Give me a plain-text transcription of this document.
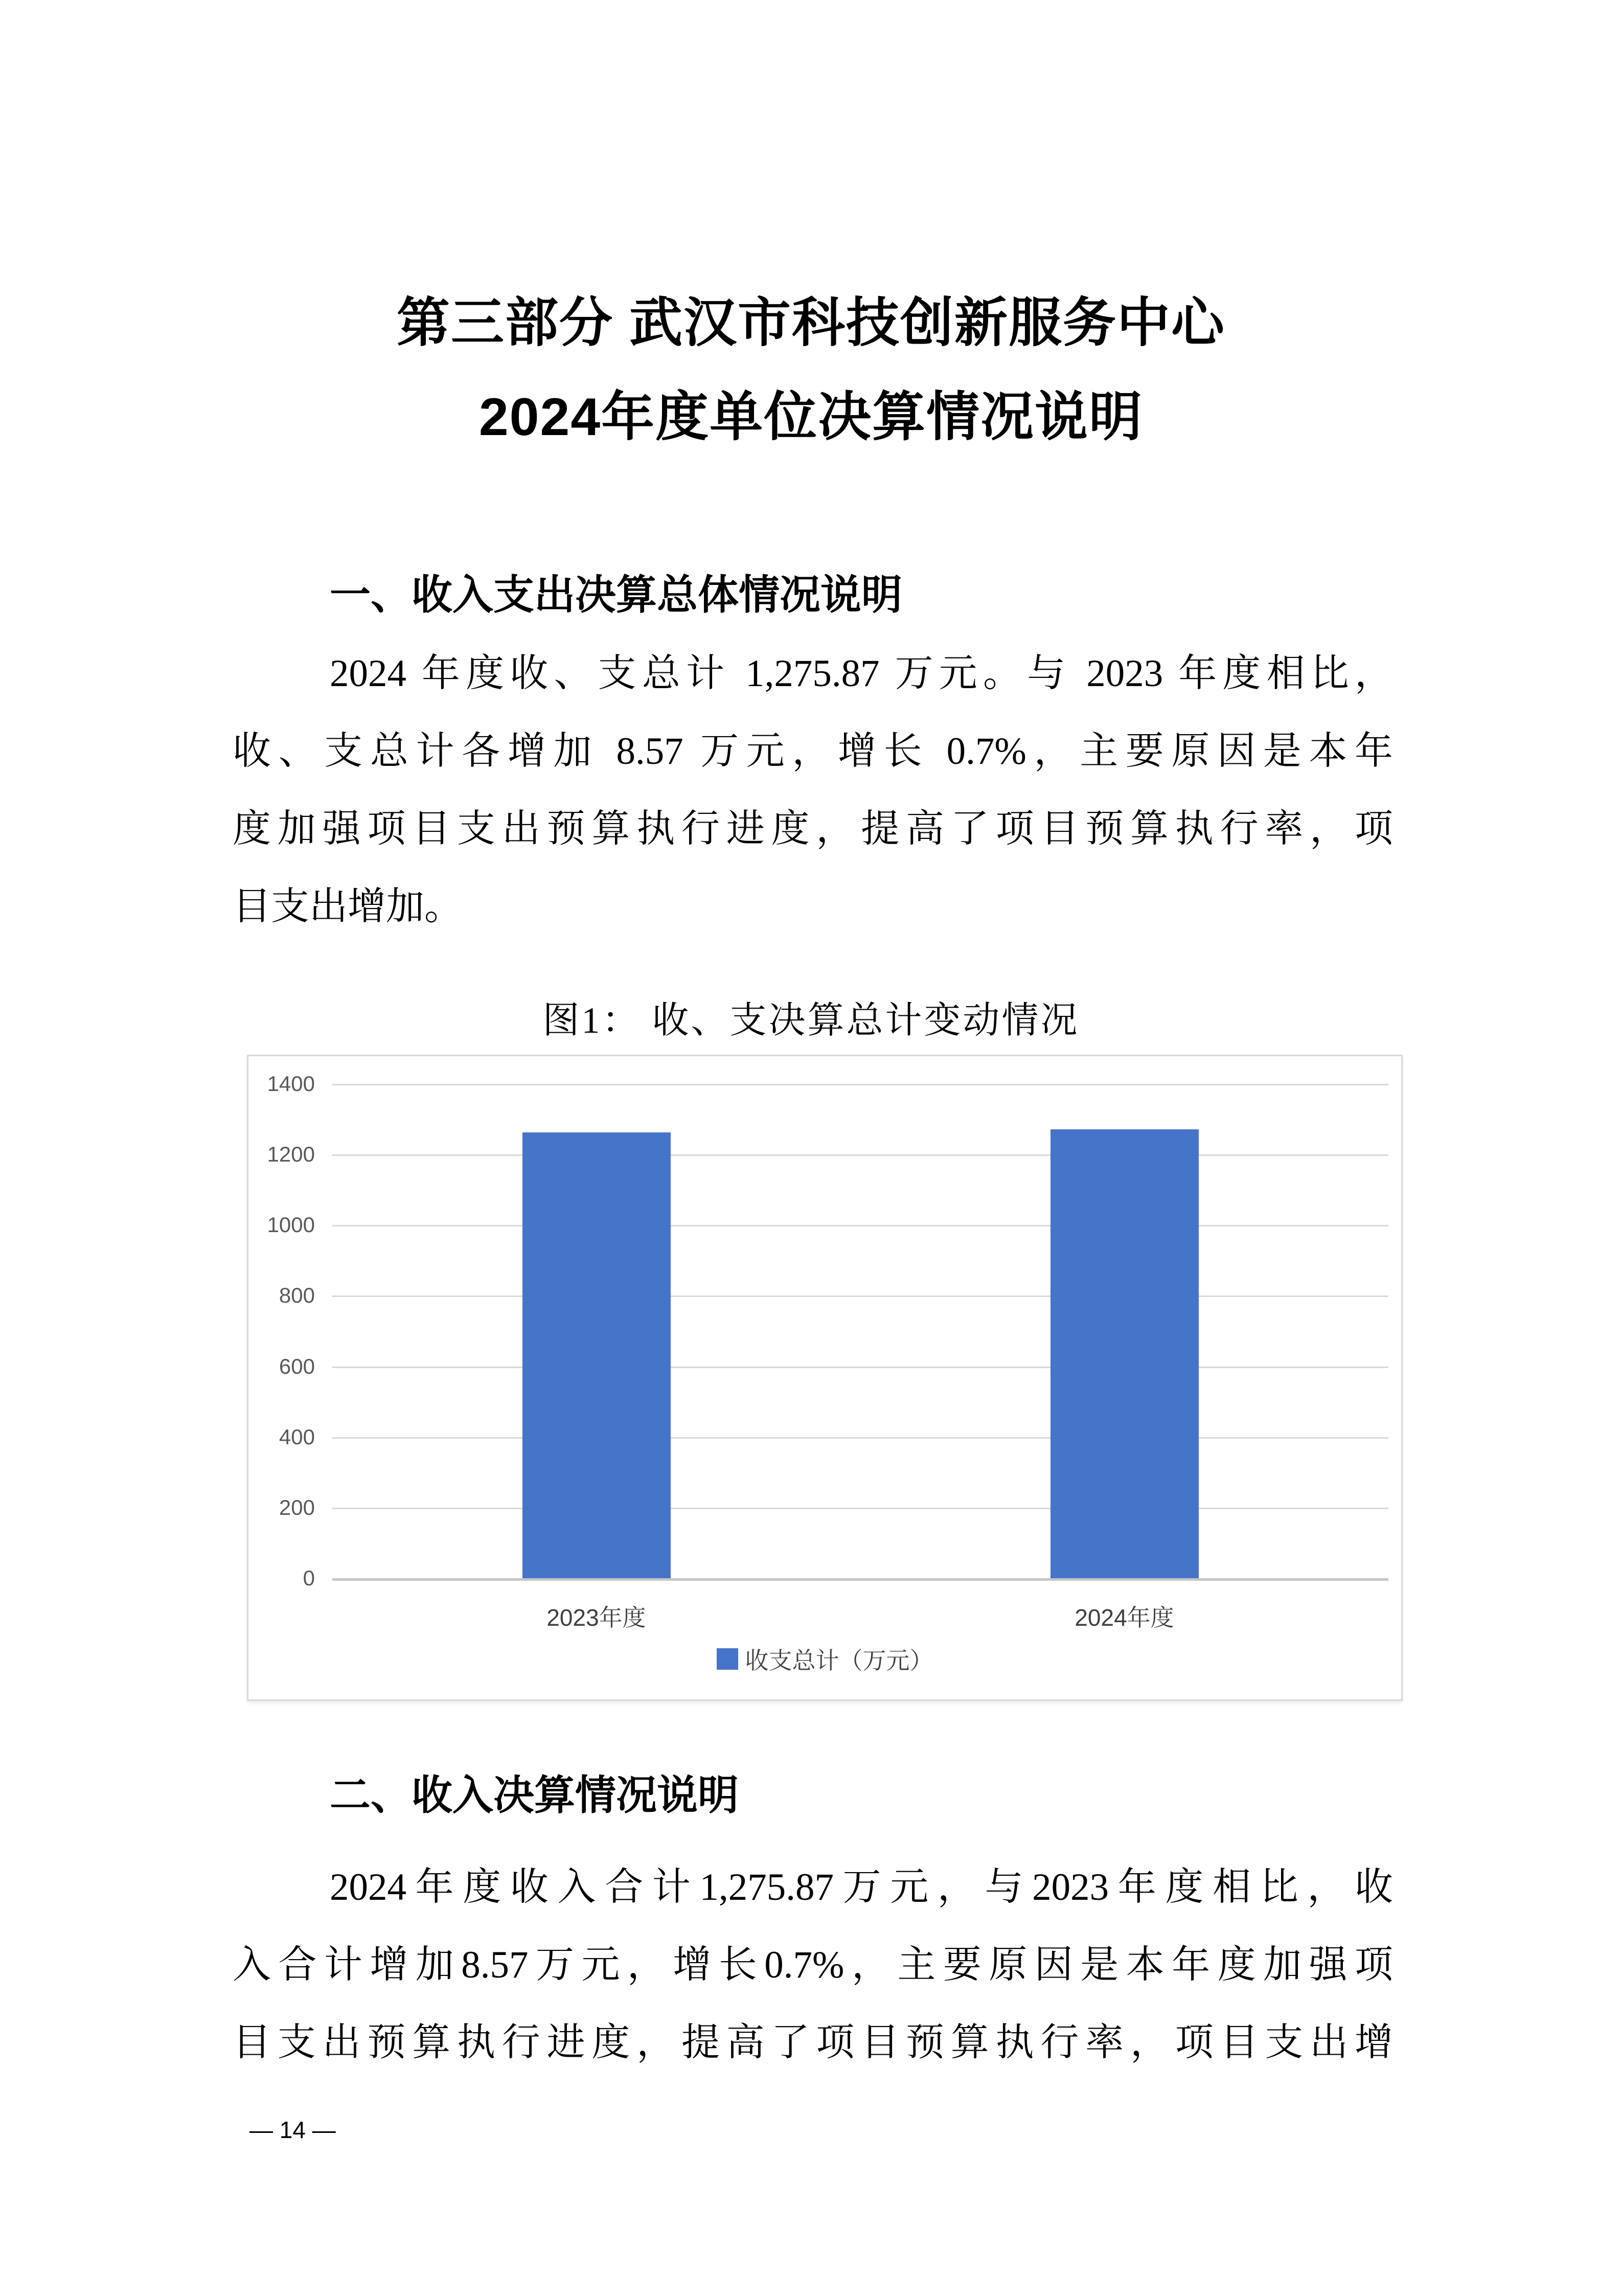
第三部分 武汉市科技创新服务中心
2024年度单位决算情况说明
一、收入支出决算总体情况说明
2024 年度收、支总计 1,275.87 万元。与 2023 年度相比，
收、支总计各增加 8.57 万元，增长 0.7%，主要原因是本年
度加强项目支出预算执行进度，提高了项目预算执行率，项
目支出增加。
图1： 收、支决算总计变动情况
0
200
400
600
800
1000
1200
1400
2023年度	2024年度
收支总计（万元）
二、收入决算情况说明
2024年度收入合计1,275.87万元，与2023年度相比，收
入合计增加8.57万元，增长0.7%，主要原因是本年度加强项
目支出预算执行进度，提高了项目预算执行率，项目支出增
— 14 —
